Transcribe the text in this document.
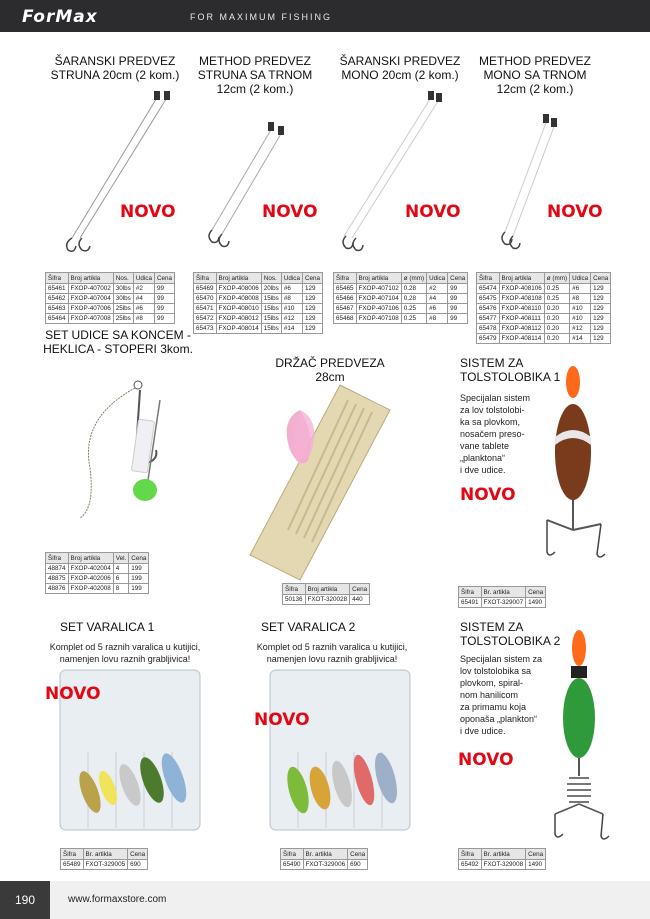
ForMax	FOR MAXIMUM FISHING
ŠARANSKI PREDVEZ
STRUNA 20cm (2 kom.)
NOVO
Šifra	Broj artikla	Nos.	Udica	Cena
65461	FXOP-407002	30lbs	#2	99
65462	FXOP-407004	30lbs	#4	99
65463	FXOP-407006	25lbs	#6	99
65464	FXOP-407008	25lbs	#8	99
METHOD PREDVEZ
STRUNA SA TRNOM
12cm (2 kom.)
NOVO
Šifra	Broj artikla	Nos.	Udica	Cena
65469	FXOP-408006	20lbs	#6	129
65470	FXOP-408008	15lbs	#8	129
65471	FXOP-408010	15lbs	#10	129
65472	FXOP-408012	15lbs	#12	129
65473	FXOP-408014	15lbs	#14	129
ŠARANSKI PREDVEZ
MONO 20cm (2 kom.)
NOVO
Šifra	Broj artikla	ø (mm)	Udica	Cena
65465	FXOP-407102	0.28	#2	99
65466	FXOP-407104	0.28	#4	99
65467	FXOP-407106	0.25	#6	99
65468	FXOP-407108	0.25	#8	99
METHOD PREDVEZ
MONO SA TRNOM
12cm (2 kom.)
NOVO
Šifra	Broj artikla	ø (mm)	Udica	Cena
65474	FXOP-408106	0.25	#6	129
65475	FXOP-408108	0.25	#8	129
65476	FXOP-408110	0.20	#10	129
65477	FXOP-408111	0.20	#10	129
65478	FXOP-408112	0.20	#12	129
65479	FXOP-408114	0.20	#14	129
SET UDICE SA KONCEM -
HEKLICA - STOPERI 3kom.
Šifra	Broj artikla	Vel.	Cena
48874	FXOP-402004	4	199
48875	FXOP-402006	6	199
48876	FXOP-402008	8	199
DRŽAČ PREDVEZA
28cm
Šifra	Broj artikla	Cena
50136	FXOT-320028	440
SISTEM ZA
TOLSTOLOBIKA 1
Specijalan sistem
za lov tolstolobi-
ka sa plovkom,
nosačem preso-
vane tablete
„planktona“
i dve udice.
NOVO
Šifra	Br. artikla	Cena
65491	FXOT-329007	1490
SET VARALICA 1
Komplet od 5 raznih varalica u kutijici,
namenjen lovu raznih grabljivica!
NOVO
Šifra	Br. artikla	Cena
65489	FXOT-329005	690
SET VARALICA 2
Komplet od 5 raznih varalica u kutijici,
namenjen lovu raznih grabljivica!
NOVO
Šifra	Br. artikla	Cena
65490	FXOT-329006	690
SISTEM ZA
TOLSTOLOBIKA 2
Specijalan sistem za
lov tolstolobika sa
plovkom, spiral-
nom hanilicom
za primamu koja
oponaša „plankton“
i dve udice.
NOVO
Šifra	Br. artikla	Cena
65492	FXOT-329008	1490
190	www.formaxstore.com
